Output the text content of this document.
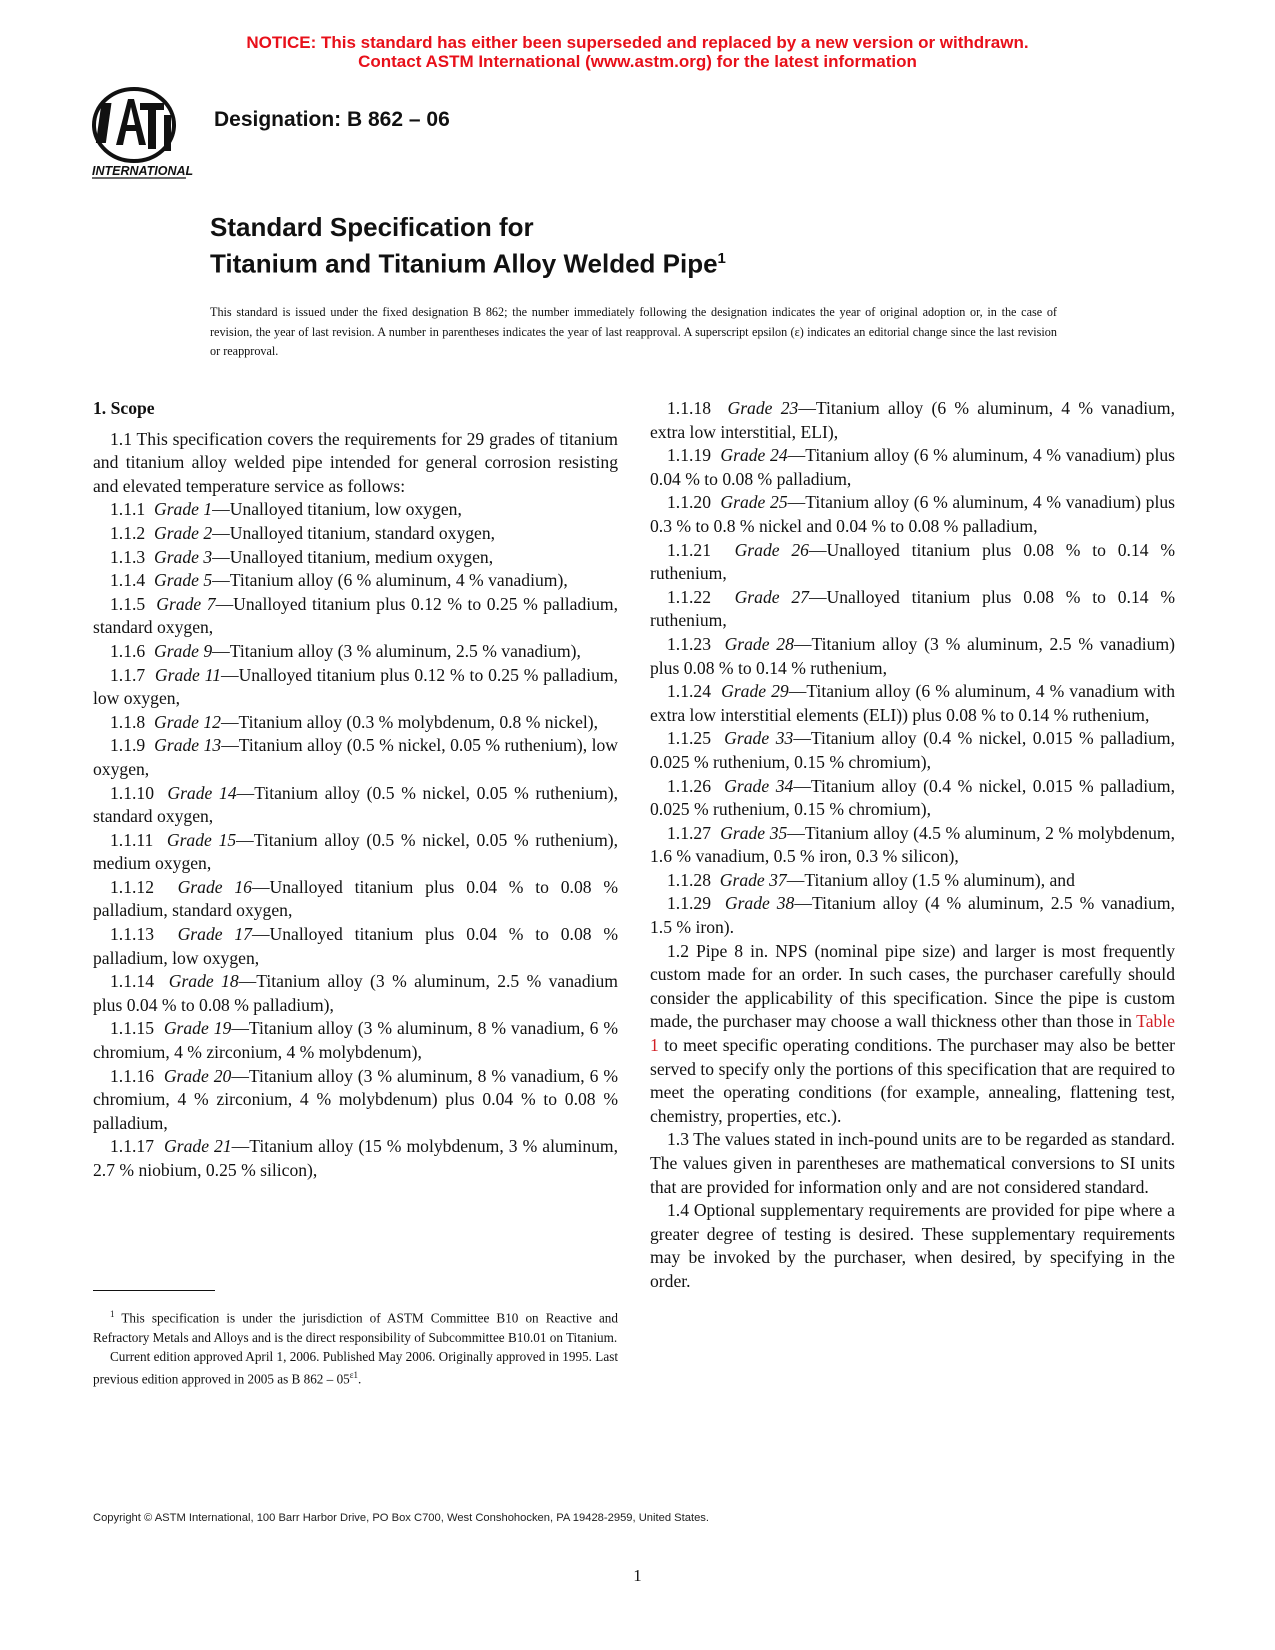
NOTICE: This standard has either been superseded and replaced by a new version or withdrawn.
Contact ASTM International (www.astm.org) for the latest information
INTERNATIONAL
Designation: B 862 – 06
Standard Specification for
Titanium and Titanium Alloy Welded Pipe$^1$
This standard is issued under the fixed designation B 862; the number immediately following the designation indicates the year of original adoption or, in the case of revision, the year of last revision. A number in parentheses indicates the year of last reapproval. A superscript epsilon (ε) indicates an editorial change since the last revision or reapproval.

1. Scope

1.1 This specification covers the requirements for 29 grades of titanium and titanium alloy welded pipe intended for general corrosion resisting and elevated temperature service as follows:

1.1.1 Grade 1—Unalloyed titanium, low oxygen,

1.1.2 Grade 2—Unalloyed titanium, standard oxygen,

1.1.3 Grade 3—Unalloyed titanium, medium oxygen,

1.1.4 Grade 5—Titanium alloy (6 % aluminum, 4 % vanadium),

1.1.5 Grade 7—Unalloyed titanium plus 0.12 % to 0.25 % palladium, standard oxygen,

1.1.6 Grade 9—Titanium alloy (3 % aluminum, 2.5 % vanadium),

1.1.7 Grade 11—Unalloyed titanium plus 0.12 % to 0.25 % palladium, low oxygen,

1.1.8 Grade 12—Titanium alloy (0.3 % molybdenum, 0.8 % nickel),

1.1.9 Grade 13—Titanium alloy (0.5 % nickel, 0.05 % ruthenium), low oxygen,

1.1.10 Grade 14—Titanium alloy (0.5 % nickel, 0.05 % ruthenium), standard oxygen,

1.1.11 Grade 15—Titanium alloy (0.5 % nickel, 0.05 % ruthenium), medium oxygen,

1.1.12 Grade 16—Unalloyed titanium plus 0.04 % to 0.08 % palladium, standard oxygen,

1.1.13 Grade 17—Unalloyed titanium plus 0.04 % to 0.08 % palladium, low oxygen,

1.1.14 Grade 18—Titanium alloy (3 % aluminum, 2.5 % vanadium plus 0.04 % to 0.08 % palladium),

1.1.15 Grade 19—Titanium alloy (3 % aluminum, 8 % vanadium, 6 % chromium, 4 % zirconium, 4 % molybdenum),

1.1.16 Grade 20—Titanium alloy (3 % aluminum, 8 % vanadium, 6 % chromium, 4 % zirconium, 4 % molybdenum) plus 0.04 % to 0.08 % palladium,

1.1.17 Grade 21—Titanium alloy (15 % molybdenum, 3 % aluminum, 2.7 % niobium, 0.25 % silicon),

1.1.18 Grade 23—Titanium alloy (6 % aluminum, 4 % vanadium, extra low interstitial, ELI),

1.1.19 Grade 24—Titanium alloy (6 % aluminum, 4 % vanadium) plus 0.04 % to 0.08 % palladium,

1.1.20 Grade 25—Titanium alloy (6 % aluminum, 4 % vanadium) plus 0.3 % to 0.8 % nickel and 0.04 % to 0.08 % palladium,

1.1.21 Grade 26—Unalloyed titanium plus 0.08 % to 0.14 % ruthenium,

1.1.22 Grade 27—Unalloyed titanium plus 0.08 % to 0.14 % ruthenium,

1.1.23 Grade 28—Titanium alloy (3 % aluminum, 2.5 % vanadium) plus 0.08 % to 0.14 % ruthenium,

1.1.24 Grade 29—Titanium alloy (6 % aluminum, 4 % vanadium with extra low interstitial elements (ELI)) plus 0.08 % to 0.14 % ruthenium,

1.1.25 Grade 33—Titanium alloy (0.4 % nickel, 0.015 % palladium, 0.025 % ruthenium, 0.15 % chromium),

1.1.26 Grade 34—Titanium alloy (0.4 % nickel, 0.015 % palladium, 0.025 % ruthenium, 0.15 % chromium),

1.1.27 Grade 35—Titanium alloy (4.5 % aluminum, 2 % molybdenum, 1.6 % vanadium, 0.5 % iron, 0.3 % silicon),

1.1.28 Grade 37—Titanium alloy (1.5 % aluminum), and

1.1.29 Grade 38—Titanium alloy (4 % aluminum, 2.5 % vanadium, 1.5 % iron).

1.2 Pipe 8 in. NPS (nominal pipe size) and larger is most frequently custom made for an order. In such cases, the purchaser carefully should consider the applicability of this specification. Since the pipe is custom made, the purchaser may choose a wall thickness other than those in Table 1 to meet specific operating conditions. The purchaser may also be better served to specify only the portions of this specification that are required to meet the operating conditions (for example, annealing, flattening test, chemistry, properties, etc.).

1.3 The values stated in inch-pound units are to be regarded as standard. The values given in parentheses are mathematical conversions to SI units that are provided for information only and are not considered standard.

1.4 Optional supplementary requirements are provided for pipe where a greater degree of testing is desired. These supplementary requirements may be invoked by the purchaser, when desired, by specifying in the order.

$^1$ This specification is under the jurisdiction of ASTM Committee B10 on Reactive and Refractory Metals and Alloys and is the direct responsibility of Subcommittee B10.01 on Titanium.

Current edition approved April 1, 2006. Published May 2006. Originally approved in 1995. Last previous edition approved in 2005 as B $862 - 05^{\varepsilon 1}$.

Copyright © ASTM International, 100 Barr Harbor Drive, PO Box C700, West Conshohocken, PA 19428-2959, United States.
1
